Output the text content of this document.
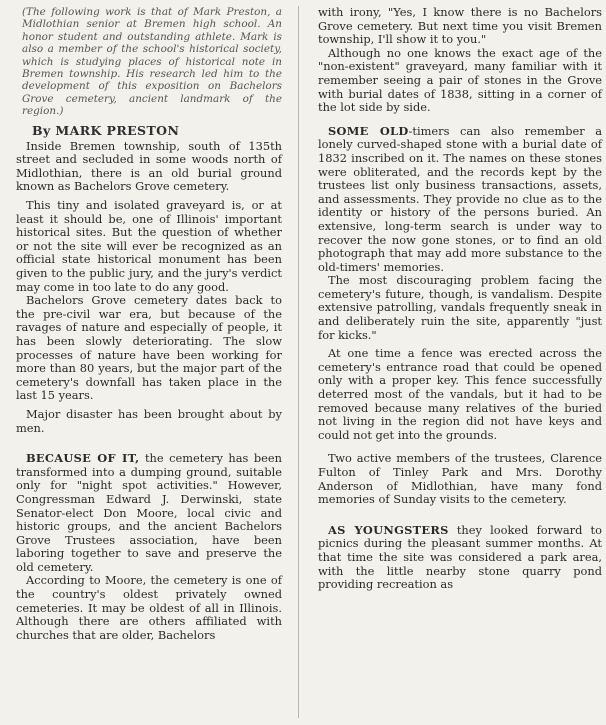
(The following work is that of Mark Preston, a Midlothian senior at Bremen high school. An honor student and outstanding athlete. Mark is also a member of the school's historical society, which is studying places of historical note in Bremen township. His research led him to the development of this exposition on Bachelors Grove cemetery, ancient landmark of the region.)

By MARK PRESTON

Inside Bremen township, south of 135th street and secluded in some woods north of Midlothian, there is an old burial ground known as Bachelors Grove cemetery.

This tiny and isolated graveyard is, or at least it should be, one of Illinois' important historical sites. But the question of whether or not the site will ever be recognized as an official state historical monument has been given to the public jury, and the jury's verdict may come in too late to do any good.

Bachelors Grove cemetery dates back to the pre-civil war era, but because of the ravages of nature and especially of people, it has been slowly deteriorating. The slow processes of nature have been working for more than 80 years, but the major part of the cemetery's downfall has taken place in the last 15 years.

Major disaster has been brought about by men.

BECAUSE OF IT, the cemetery has been transformed into a dumping ground, suitable only for "night spot activities." However, Congressman Edward J. Derwinski, state Senator-elect Don Moore, local civic and historic groups, and the ancient Bachelors Grove Trustees association, have been laboring together to save and preserve the old cemetery.

According to Moore, the cemetery is one of the country's oldest privately owned cemeteries. It may be oldest of all in Illinois. Although there are others affiliated with churches that are older, Bachelors

with irony, "Yes, I know there is no Bachelors Grove cemetery. But next time you visit Bremen township, I'll show it to you."

Although no one knows the exact age of the "non-existent" graveyard, many familiar with it remember seeing a pair of stones in the Grove with burial dates of 1838, sitting in a corner of the lot side by side.

SOME OLD-timers can also remember a lonely curved-shaped stone with a burial date of 1832 inscribed on it. The names on these stones were obliterated, and the records kept by the trustees list only business transactions, assets, and assessments. They provide no clue as to the identity or history of the persons buried. An extensive, long-term search is under way to recover the now gone stones, or to find an old photograph that may add more substance to the old-timers' memories.

The most discouraging problem facing the cemetery's future, though, is vandalism. Despite extensive patrolling, vandals frequently sneak in and deliberately ruin the site, apparently "just for kicks."

At one time a fence was erected across the cemetery's entrance road that could be opened only with a proper key. This fence successfully deterred most of the vandals, but it had to be removed because many relatives of the buried not living in the region did not have keys and could not get into the grounds.

Two active members of the trustees, Clarence Fulton of Tinley Park and Mrs. Dorothy Anderson of Midlothian, have many fond memories of Sunday visits to the cemetery.

AS YOUNGSTERS they looked forward to picnics during the pleasant summer months. At that time the site was considered a park area, with the little nearby stone quarry pond providing recreation as
